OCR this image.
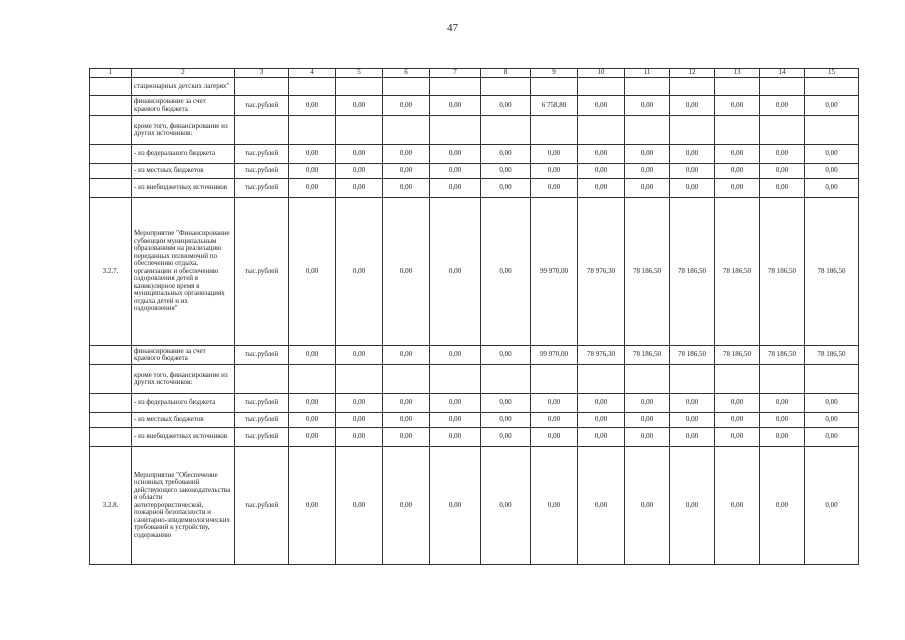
47
1	2	3	4	5	6	7	8	9	10	11	12	13	14	15
	стационарных детских лагерях"													
	финансирование за счет краевого бюджета	тыс.рублей	0,00	0,00	0,00	0,00	0,00	6 758,80	0,00	0,00	0,00	0,00	0,00	0,00
	кроме того, финансирование из других источников:													
	- из федерального бюджета	тыс.рублей	0,00	0,00	0,00	0,00	0,00	0,00	0,00	0,00	0,00	0,00	0,00	0,00
	- из местных бюджетов	тыс.рублей	0,00	0,00	0,00	0,00	0,00	0,00	0,00	0,00	0,00	0,00	0,00	0,00
	- из внебюджетных источников	тыс.рублей	0,00	0,00	0,00	0,00	0,00	0,00	0,00	0,00	0,00	0,00	0,00	0,00
3.2.7.	Мероприятие "Финансирование субвенции муниципальным образованиям на реализацию переданных полномочий по обеспечению отдыха, организации и обеспечению оздоровления детей в каникулярное время в муниципальных организациях отдыха детей и их оздоровления"	тыс.рублей	0,00	0,00	0,00	0,00	0,00	99 970,00	78 976,30	78 186,50	78 186,50	78 186,50	78 186,50	78 186,50
	финансирование за счет краевого бюджета	тыс.рублей	0,00	0,00	0,00	0,00	0,00	99 970,00	78 976,30	78 186,50	78 186,50	78 186,50	78 186,50	78 186,50
	кроме того, финансирование из других источников:													
	- из федерального бюджета	тыс.рублей	0,00	0,00	0,00	0,00	0,00	0,00	0,00	0,00	0,00	0,00	0,00	0,00
	- из местных бюджетов	тыс.рублей	0,00	0,00	0,00	0,00	0,00	0,00	0,00	0,00	0,00	0,00	0,00	0,00
	- из внебюджетных источников	тыс.рублей	0,00	0,00	0,00	0,00	0,00	0,00	0,00	0,00	0,00	0,00	0,00	0,00
3.2.8.	Мероприятие "Обеспечение основных требований действующего законодательства в области антитеррористической, пожарной безопасности и санитарно-эпидемиологических требований к устройству, содержанию	тыс.рублей	0,00	0,00	0,00	0,00	0,00	0,00	0,00	0,00	0,00	0,00	0,00	0,00
